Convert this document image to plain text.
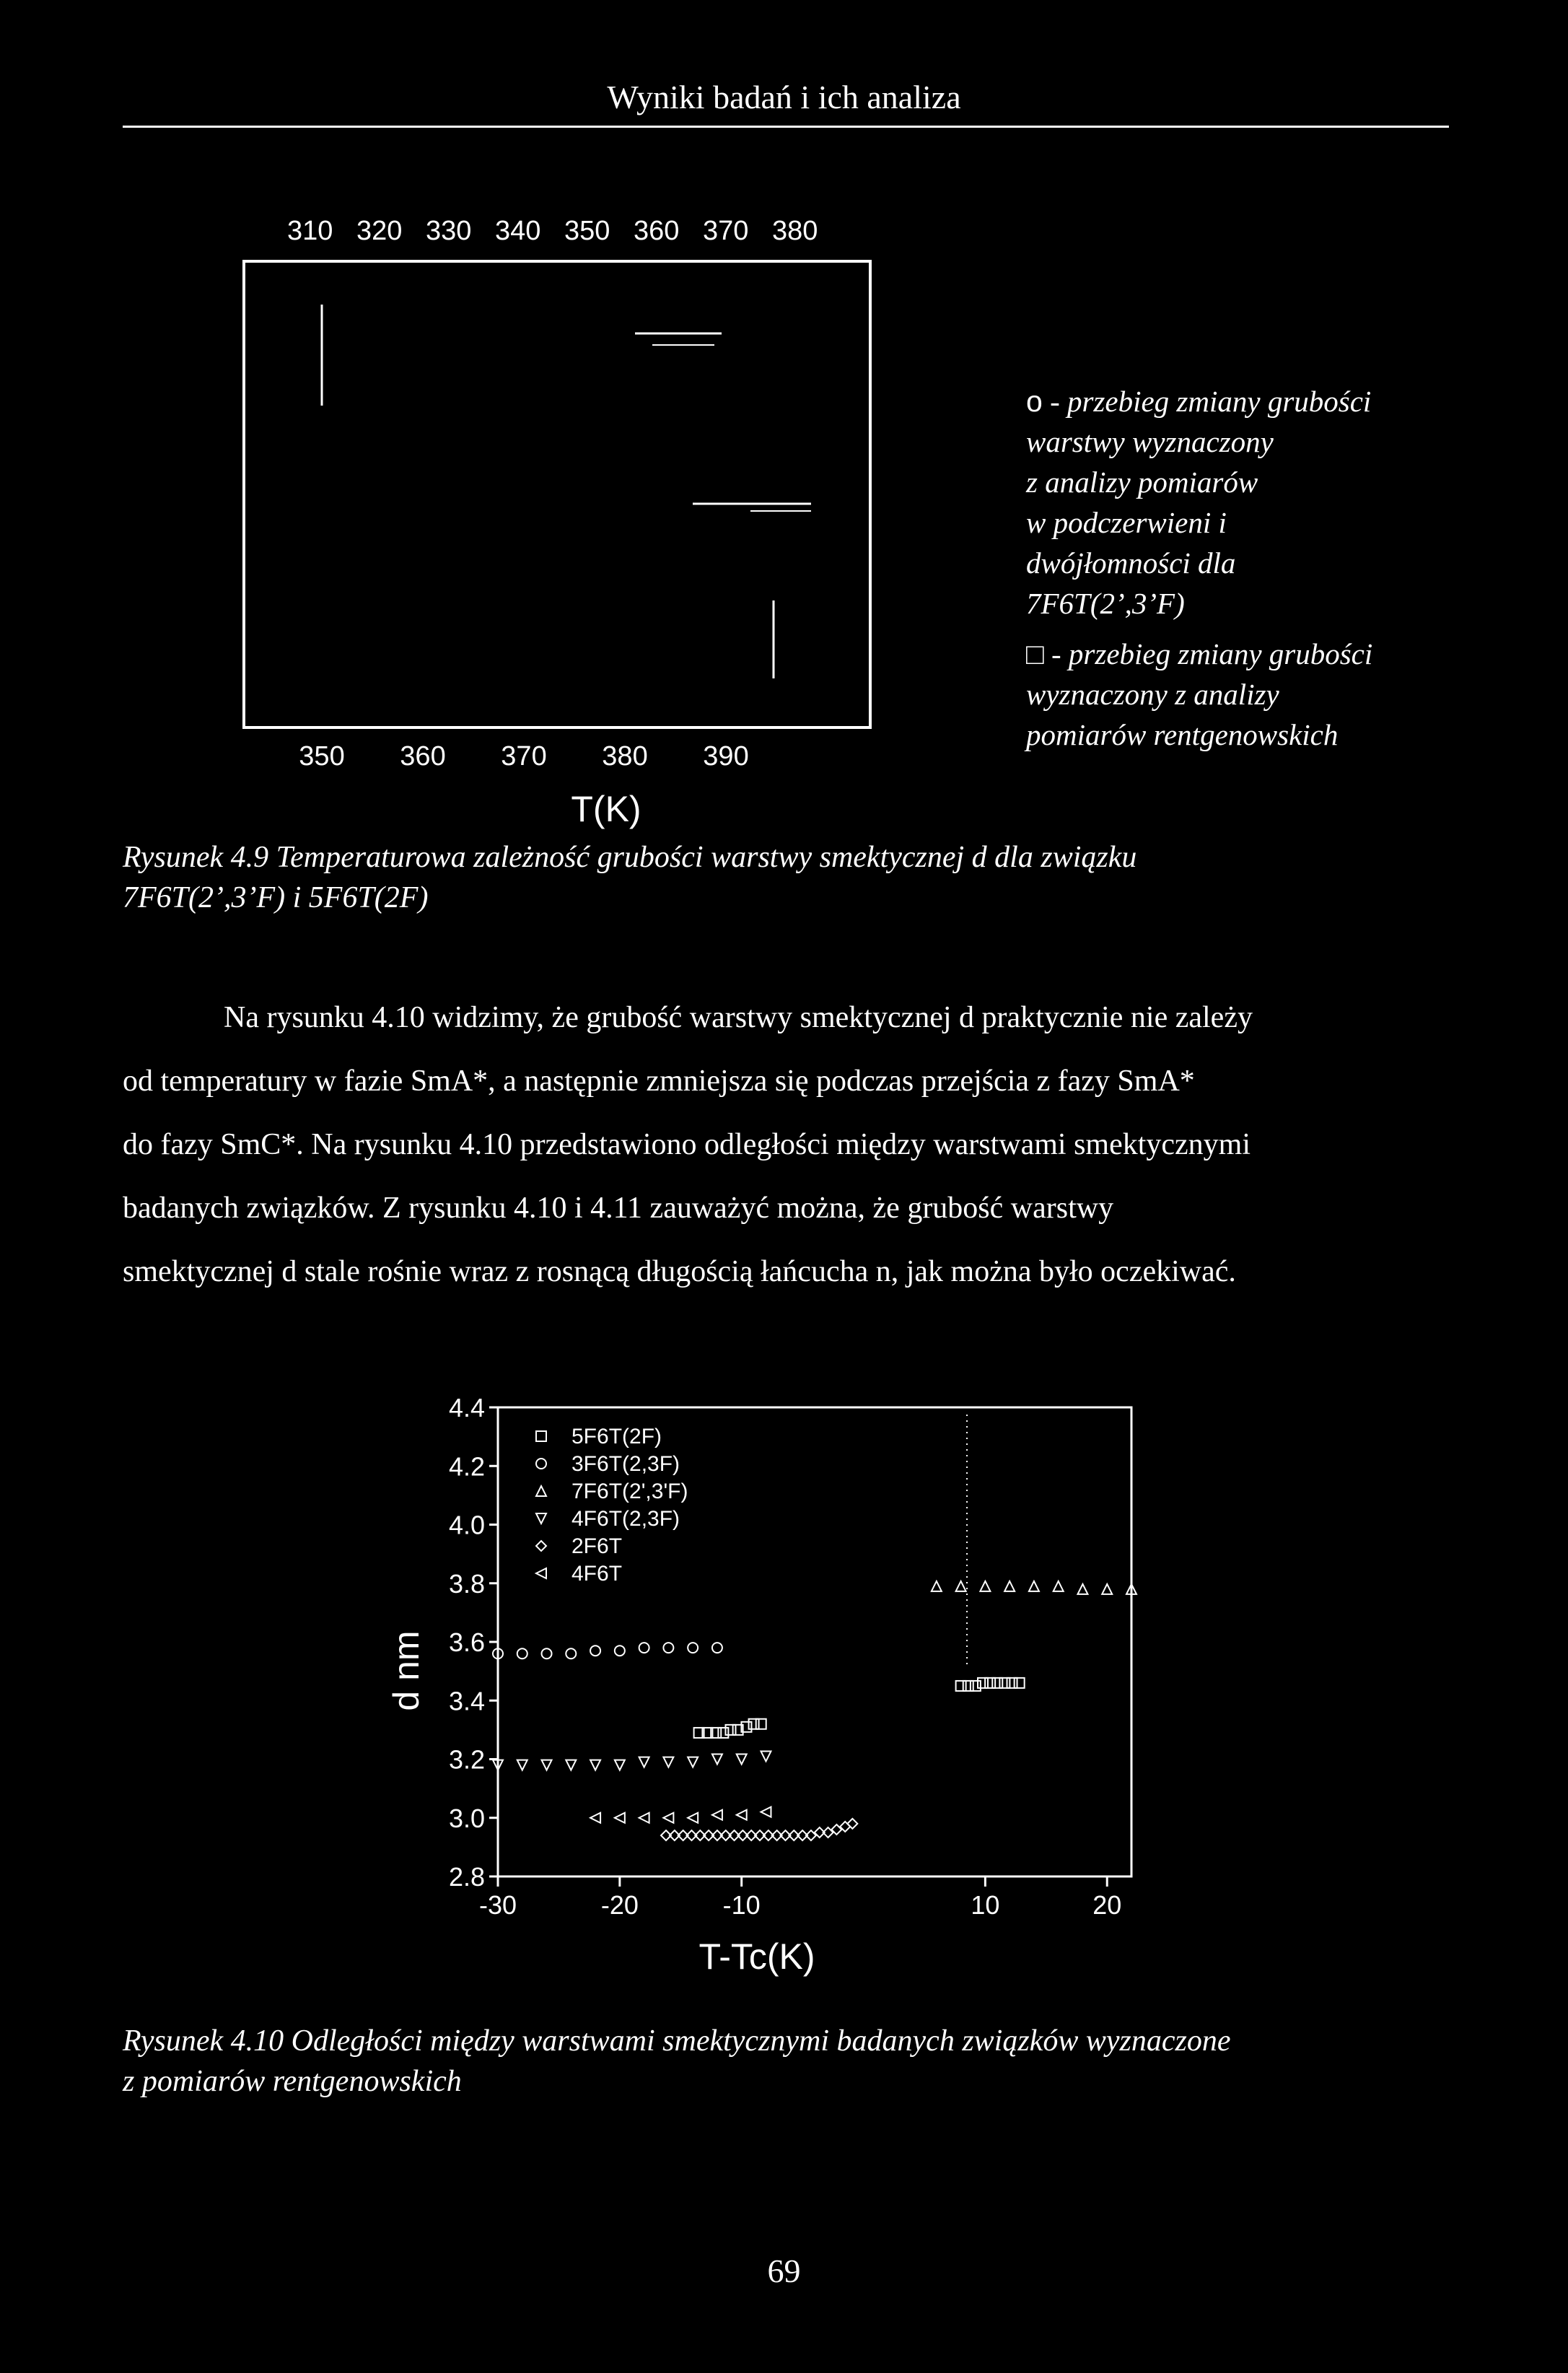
Wyniki badań i ich analiza
310 320 330 340 350 360 370 380
350 360 370 380 390
T(K)
o - przebieg zmiany grubości
warstwy wyznaczony
z analizy pomiarów
w podczerwieni i
dwójłomności dla
7F6T(2’,3’F)
□ - przebieg zmiany grubości
wyznaczony z analizy
pomiarów rentgenowskich
Rysunek 4.9 Temperaturowa zależność grubości warstwy smektycznej d dla związku
7F6T(2’,3’F) i 5F6T(2F)

Na rysunku 4.10 widzimy, że grubość warstwy smektycznej d praktycznie nie zależy

od temperatury w fazie SmA*, a następnie zmniejsza się podczas przejścia z fazy SmA*

do fazy SmC*. Na rysunku 4.10 przedstawiono odległości między warstwami smektycznymi

badanych związków. Z rysunku 4.10 i 4.11 zauważyć można, że grubość warstwy

smektycznej d stale rośnie wraz z rosnącą długością łańcucha n, jak można było oczekiwać.

4.4
4.2
4.0
3.8
3.6
3.4
3.2
3.0
2.8
-30	-20	-10	10	20
T-Tc(K)
d nm
5F6T(2F)
3F6T(2,3F)
7F6T(2',3'F)
4F6T(2,3F)
2F6T
4F6T
Rysunek 4.10 Odległości między warstwami smektycznymi badanych związków wyznaczone
z pomiarów rentgenowskich
69
